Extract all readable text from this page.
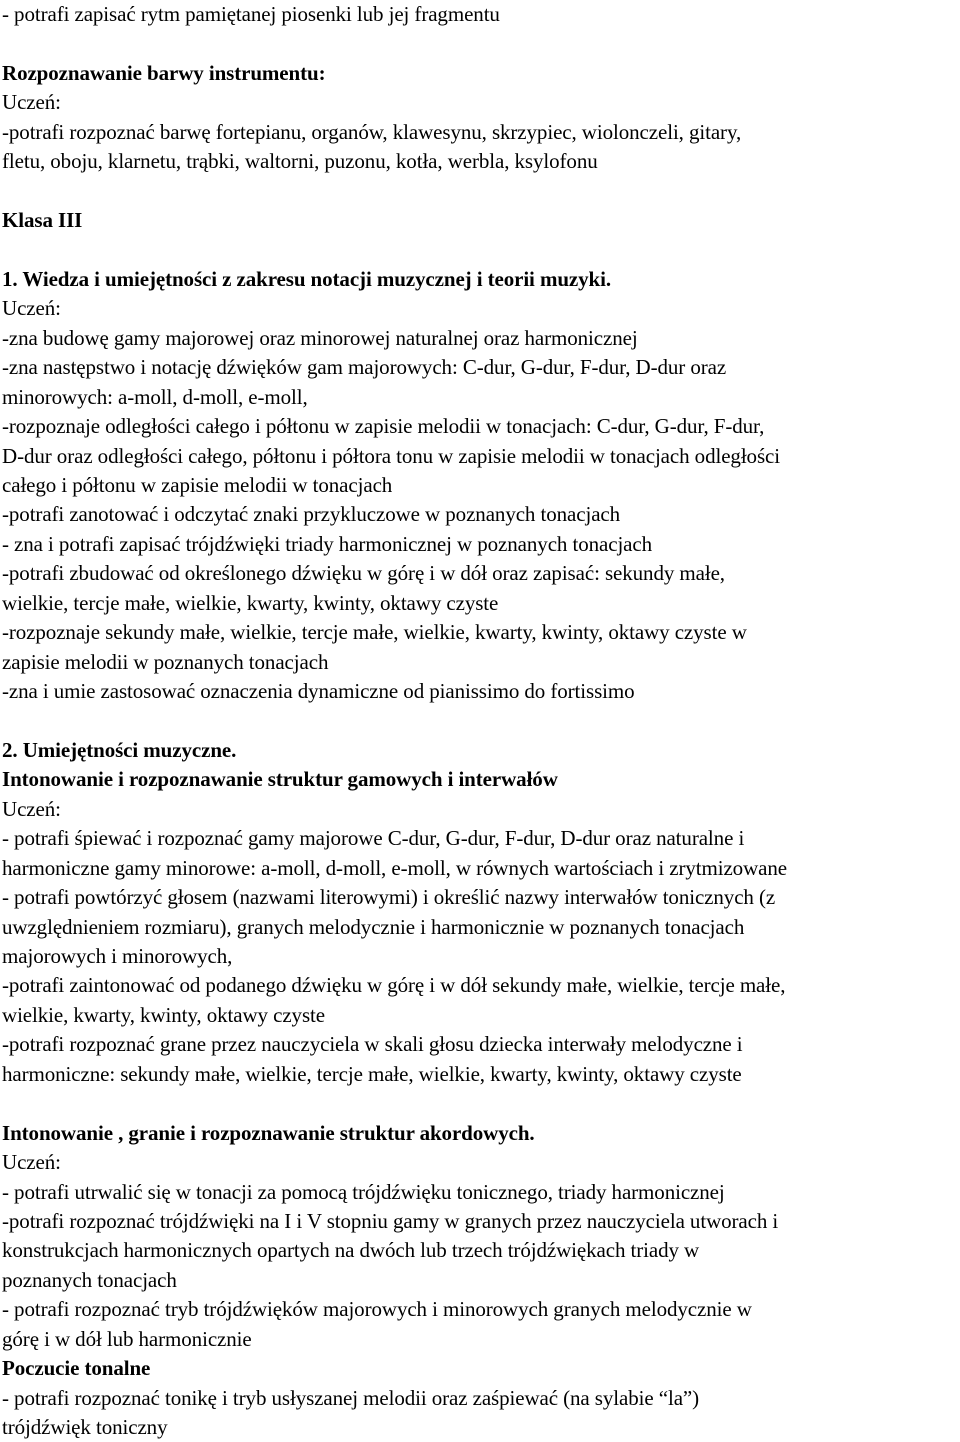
- potrafi zapisać rytm pamiętanej piosenki lub jej fragmentu
Rozpoznawanie barwy instrumentu:
Uczeń:
-potrafi rozpoznać barwę fortepianu, organów, klawesynu, skrzypiec, wiolonczeli, gitary,
fletu, oboju, klarnetu, trąbki, waltorni, puzonu, kotła, werbla, ksylofonu
Klasa III
1. Wiedza i umiejętności z zakresu notacji muzycznej i teorii muzyki.
Uczeń:
-zna budowę gamy majorowej oraz minorowej naturalnej oraz harmonicznej
-zna następstwo i notację dźwięków gam majorowych: C-dur, G-dur, F-dur, D-dur oraz
minorowych: a-moll, d-moll, e-moll,
-rozpoznaje odległości całego i półtonu w zapisie melodii w tonacjach: C-dur, G-dur, F-dur,
D-dur oraz odległości całego, półtonu i półtora tonu w zapisie melodii w tonacjach odległości
całego i półtonu w zapisie melodii w tonacjach
-potrafi zanotować i odczytać znaki przykluczowe w poznanych tonacjach
- zna i potrafi zapisać trójdźwięki triady harmonicznej w poznanych tonacjach
-potrafi zbudować od określonego dźwięku w górę i w dół oraz zapisać: sekundy małe,
wielkie, tercje małe, wielkie, kwarty, kwinty, oktawy czyste
-rozpoznaje sekundy małe, wielkie, tercje małe, wielkie, kwarty, kwinty, oktawy czyste w
zapisie melodii w poznanych tonacjach
-zna i umie zastosować oznaczenia dynamiczne od pianissimo do fortissimo
2. Umiejętności muzyczne.
Intonowanie i rozpoznawanie struktur gamowych i interwałów
Uczeń:
- potrafi śpiewać i rozpoznać gamy majorowe C-dur, G-dur, F-dur, D-dur oraz naturalne i
harmoniczne gamy minorowe: a-moll, d-moll, e-moll, w równych wartościach i zrytmizowane
- potrafi powtórzyć głosem (nazwami literowymi) i określić nazwy interwałów tonicznych (z
uwzględnieniem rozmiaru), granych melodycznie i harmonicznie w poznanych tonacjach
majorowych i minorowych,
-potrafi zaintonować od podanego dźwięku w górę i w dół sekundy małe, wielkie, tercje małe,
wielkie, kwarty, kwinty, oktawy czyste
-potrafi rozpoznać grane przez nauczyciela w skali głosu dziecka interwały melodyczne i
harmoniczne: sekundy małe, wielkie, tercje małe, wielkie, kwarty, kwinty, oktawy czyste
Intonowanie , granie i rozpoznawanie struktur akordowych.
Uczeń:
- potrafi utrwalić się w tonacji za pomocą trójdźwięku tonicznego, triady harmonicznej
-potrafi rozpoznać trójdźwięki na I i V stopniu gamy w granych przez nauczyciela utworach i
konstrukcjach harmonicznych opartych na dwóch lub trzech trójdźwiękach triady w
poznanych tonacjach
- potrafi rozpoznać tryb trójdźwięków majorowych i minorowych granych melodycznie w
górę i w dół lub harmonicznie
Poczucie tonalne
- potrafi rozpoznać tonikę i tryb usłyszanej melodii oraz zaśpiewać (na sylabie “la”)
trójdźwięk toniczny
